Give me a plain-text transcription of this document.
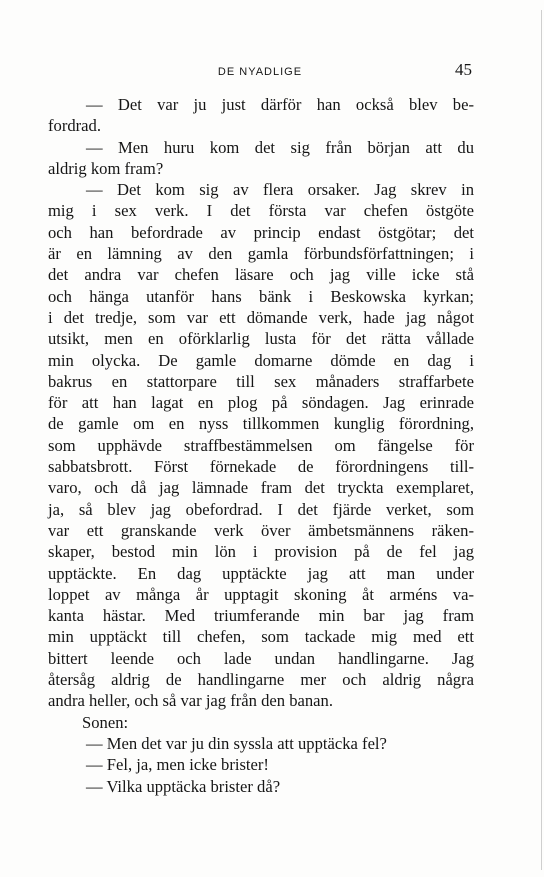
DE NYADLIGE	45
— Det var ju just därför han också blev be-
fordrad.
— Men huru kom det sig från början att du
aldrig kom fram?
— Det kom sig av flera orsaker. Jag skrev in
mig i sex verk. I det första var chefen östgöte
och han befordrade av princip endast östgötar; det
är en lämning av den gamla förbundsförfattningen; i
det andra var chefen läsare och jag ville icke stå
och hänga utanför hans bänk i Beskowska kyrkan;
i det tredje, som var ett dömande verk, hade jag något
utsikt, men en oförklarlig lusta för det rätta vållade
min olycka. De gamle domarne dömde en dag i
bakrus en stattorpare till sex månaders straffarbete
för att han lagat en plog på söndagen. Jag erinrade
de gamle om en nyss tillkommen kunglig förordning,
som upphävde straffbestämmelsen om fängelse för
sabbatsbrott. Först förnekade de förordningens till-
varo, och då jag lämnade fram det tryckta exemplaret,
ja, så blev jag obefordrad. I det fjärde verket, som
var ett granskande verk över ämbetsmännens räken-
skaper, bestod min lön i provision på de fel jag
upptäckte. En dag upptäckte jag att man under
loppet av många år upptagit skoning åt arméns va-
kanta hästar. Med triumferande min bar jag fram
min upptäckt till chefen, som tackade mig med ett
bittert leende och lade undan handlingarne. Jag
återsåg aldrig de handlingarne mer och aldrig några
andra heller, och så var jag från den banan.
Sonen:
— Men det var ju din syssla att upptäcka fel?
— Fel, ja, men icke brister!
— Vilka upptäcka brister då?
